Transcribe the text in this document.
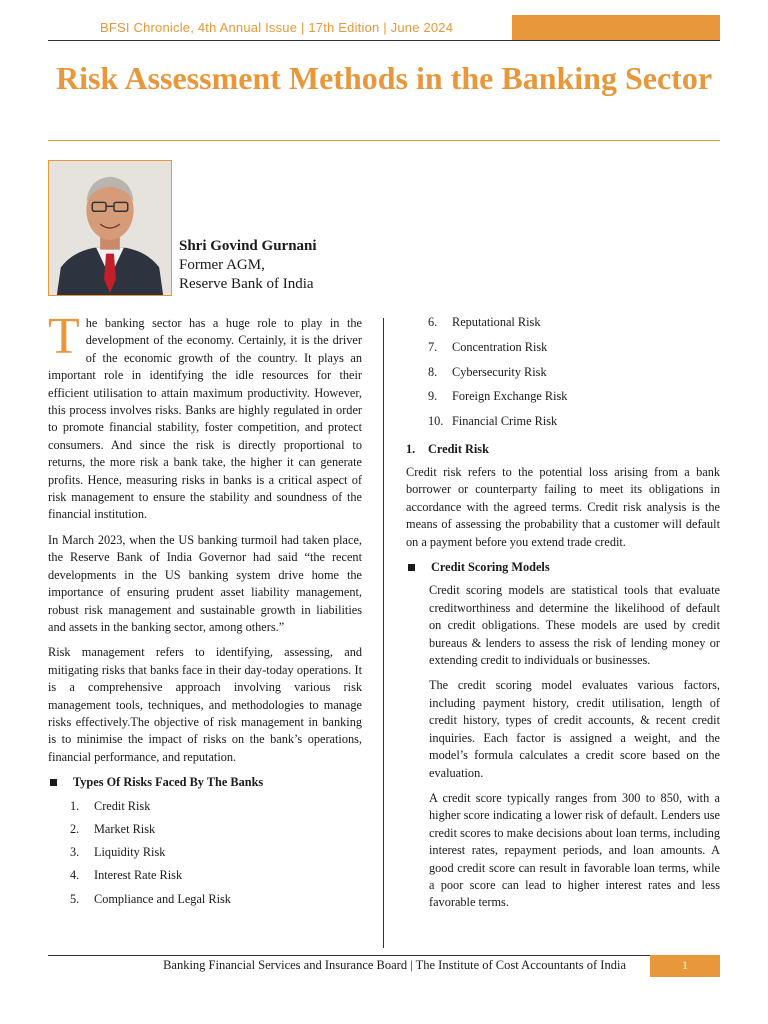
BFSI Chronicle, 4th Annual Issue | 17th Edition | June 2024
Risk Assessment Methods in the Banking Sector
Shri Govind Gurnani
Former AGM,
Reserve Bank of India

The banking sector has a huge role to play in the development of the economy. Certainly, it is the driver of the economic growth of the country. It plays an important role in identifying the idle resources for their efficient utilisation to attain maximum productivity. However, this process involves risks. Banks are highly regulated in order to promote financial stability, foster competition, and protect consumers. And since the risk is directly proportional to returns, the more risk a bank take, the higher it can generate profits. Hence, measuring risks in banks is a critical aspect of risk management to ensure the stability and soundness of the financial institution.

In March 2023, when the US banking turmoil had taken place, the Reserve Bank of India Governor had said “the recent developments in the US banking system drive home the importance of ensuring prudent asset liability management, robust risk management and sustainable growth in liabilities and assets in the banking sector, among others.”

Risk management refers to identifying, assessing, and mitigating risks that banks face in their day-today operations. It is a comprehensive approach involving various risk management tools, techniques, and methodologies to manage risks effectively.The objective of risk management in banking is to minimise the impact of risks on the bank’s operations, financial performance, and reputation.

Types Of Risks Faced By The Banks
1.	Credit Risk
2.	Market Risk
3.	Liquidity Risk
4.	Interest Rate Risk
5.	Compliance and Legal Risk
6.	Reputational Risk
7.	Concentration Risk
8.	Cybersecurity Risk
9.	Foreign Exchange Risk
10. Financial Crime Risk
1.	Credit Risk

Credit risk refers to the potential loss arising from a bank borrower or counterparty failing to meet its obligations in accordance with the agreed terms. Credit risk analysis is the means of assessing the probability that a customer will default on a payment before you extend trade credit.

Credit Scoring Models

Credit scoring models are statistical tools that evaluate creditworthiness and determine the likelihood of default on credit obligations. These models are used by credit bureaus & lenders to assess the risk of lending money or extending credit to individuals or businesses.

The credit scoring model evaluates various factors, including payment history, credit utilisation, length of credit history, types of credit accounts, & recent credit inquiries. Each factor is assigned a weight, and the model’s formula calculates a credit score based on the evaluation.

A credit score typically ranges from 300 to 850, with a higher score indicating a lower risk of default. Lenders use credit scores to make decisions about loan terms, including interest rates, repayment periods, and loan amounts. A good credit score can result in favorable loan terms, while a poor score can lead to higher interest rates and less favorable terms.

Banking Financial Services and Insurance Board | The Institute of Cost Accountants of India	1
